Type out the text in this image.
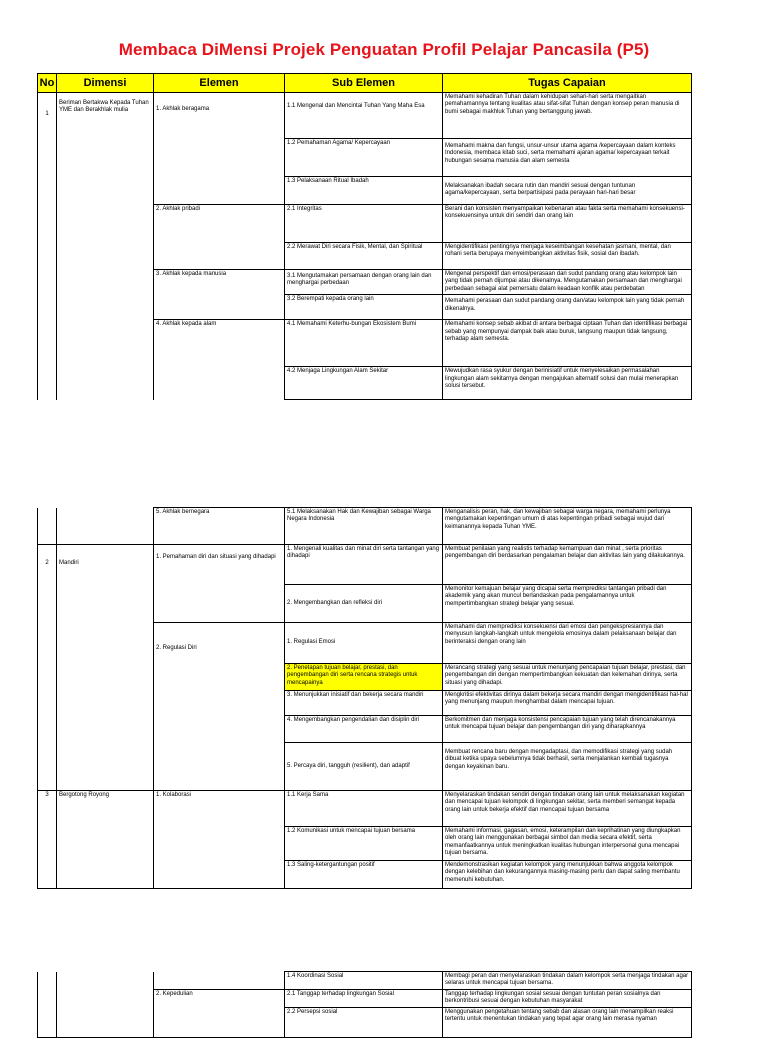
Membaca DiMensi Projek Penguatan Profil Pelajar Pancasila (P5)
No	Dimensi	Elemen	Sub Elemen	Tugas Capaian
1	Beriman Bertakwa Kepada Tuhan YME dan Berakhlak mulia	1. Akhlak beragama	1.1 Mengenal dan Mencintai Tuhan Yang Maha Esa	Memahami kehadiran Tuhan dalam kehidupan sehari-hari serta mengaitkan pemahamannya tentang kualitas atau sifat-sifat Tuhan dengan konsep peran manusia di bumi sebagai makhluk Tuhan yang bertanggung jawab.
			1.2 Pemahaman Agama/ Kepercayaan	Memahami makna dan fungsi, unsur-unsur utama agama /kepercayaan dalam konteks Indonesia, membaca kitab suci, serta memahami ajaran agama/ kepercayaan terkait hubungan sesama manusia dan alam semesta
			1.3 Pelaksanaan Ritual Ibadah	Melaksanakan ibadah secara rutin dan mandiri sesuai dengan tuntunan agama/kepercayaan, serta berpartisipasi pada perayaan hari-hari besar
		2. Akhlak pribadi	2.1 Integritas	Berani dan konsisten menyampaikan kebenaran atau fakta serta memahami konsekuensi- konsekuensinya untuk diri sendiri dan orang lain
			2.2 Merawat Diri secara Fisik, Mental, dan Spiritual	Mengidentifikasi pentingnya menjaga keseimbangan kesehatan jasmani, mental, dan rohani serta berupaya menyeimbangkan aktivitas fisik, sosial dan ibadah.
		3. Akhlak kepada manusia	3.1 Mengutamakan persamaan dengan orang lain dan menghargai perbedaan	Mengenal perspektif dan emosi/perasaan dari sudut pandang orang atau kelompok lain yang tidak pernah dijumpai atau dikenalnya. Mengutamakan persamaan dan menghargai perbedaan sebagai alat pemersatu dalam keadaan konflik atau perdebatan
			3.2 Berempati kepada orang lain	Memahami perasaan dan sudut pandang orang dan/atau kelompok lain yang tidak pernah dikenalnya.
		4. Akhlak kepada alam	4.1 Memahami Keterhu-bungan Ekosistem Bumi	Memahami konsep sebab akibat di antara berbagai ciptaan Tuhan dan identifikasi berbagai sebab yang mempunyai dampak baik atau buruk, langsung maupun tidak langsung, terhadap alam semesta.
			4.2 Menjaga Lingkungan Alam Sekitar	Mewujudkan rasa syukur dengan berinisiatif untuk menyelesaikan permasalahan lingkungan alam sekitarnya dengan mengajukan alternatif solusi dan mulai menerapkan solusi tersebut.

		5. Akhlak bernegara	5.1 Melaksanakan Hak dan Kewajiban sebagai Warga Negara Indonesia	Menganalisis peran, hak, dan kewajiban sebagai warga negara, memahami perlunya mengutamakan kepentingan umum di atas kepentingan pribadi sebagai wujud dari keimanannya kepada Tuhan YME.
2	Mandiri	1. Pemahaman diri dan situasi yang dihadapi	1. Mengenali kualitas dan minat diri serta tantangan yang dihadapi	Membuat penilaian yang realistis terhadap kemampuan dan minat , serta prioritas pengembangan diri berdasarkan pengalaman belajar dan aktivitas lain yang dilakukannya.
			2. Mengembangkan dan refleksi diri	Memonitor kemajuan belajar yang dicapai serta memprediksi tantangan pribadi dan akademik yang akan muncul berlandaskan pada pengalamannya untuk mempertimbangkan strategi belajar yang sesuai.
		2. Regulasi Diri	1. Regulasi Emosi	Memahami dan memprediksi konsekuensi dari emosi dan pengekspresiannya dan menyusun langkah-langkah untuk mengelola emosinya dalam pelaksanaan belajar dan berinteraksi dengan orang lain
			2. Penetapan tujuan belajar, prestasi, dan pengembangan diri serta rencana strategis untuk mencapainya	Merancang strategi yang sesuai untuk menunjang pencapaian tujuan belajar, prestasi, dan pengembangan diri dengan mempertimbangkan kekuatan dan kelemahan dirinya, serta situasi yang dihadapi.
			3. Menunjukkan inisiatif dan bekerja secara mandiri	Mengkritisi efektivitas dirinya dalam bekerja secara mandiri dengan mengidentifikasi hal-hal yang menunjang maupun menghambat dalam mencapai tujuan.
			4. Mengembangkan pengendalian dan disiplin diri	Berkomitmen dan menjaga konsistensi pencapaian tujuan yang telah direncanakannya untuk mencapai tujuan belajar dan pengembangan diri yang diharapkannya
			5. Percaya diri, tangguh (resilient), dan adaptif	Membuat rencana baru dengan mengadaptasi, dan memodifikasi strategi yang sudah dibuat ketika upaya sebelumnya tidak berhasil, serta menjalankan kembali tugasnya dengan keyakinan baru.

3	Bergotong Royong	1. Kolaborasi	1.1 Kerja Sama	Menyelaraskan tindakan sendiri dengan tindakan orang lain untuk melaksanakan kegiatan dan mencapai tujuan kelompok di lingkungan sekitar, serta memberi semangat kepada orang lain untuk bekerja efektif dan mencapai tujuan bersama
			1.2 Komunikasi untuk mencapai tujuan bersama	Memahami informasi, gagasan, emosi, keterampilan dan keprihatinan yang diungkapkan oleh orang lain menggunakan berbagai simbol dan media secara efektif, serta memanfaatkannya untuk meningkatkan kualitas hubungan interpersonal guna mencapai tujuan bersama.
			1.3 Saling-ketergantungan positif	Mendemonstrasikan kegiatan kelompok yang menunjukkan bahwa anggota kelompok dengan kelebihan dan kekurangannya masing-masing perlu dan dapat saling membantu memenuhi kebutuhan.
			1.4 Koordinasi Sosial	Membagi peran dan menyelaraskan tindakan dalam kelompok serta menjaga tindakan agar selaras untuk mencapai tujuan bersama.
		2. Kepedulian	2.1 Tanggap terhadap lingkungan Sosial	Tanggap terhadap lingkungan sosial sesuai dengan tuntutan peran sosialnya dan berkontribusi sesuai dengan kebutuhan masyarakat
			2.2 Persepsi sosial	Menggunakan pengetahuan tentang sebab dan alasan orang lain menampilkan reaksi tertentu untuk menentukan tindakan yang tepat agar orang lain merasa nyaman
